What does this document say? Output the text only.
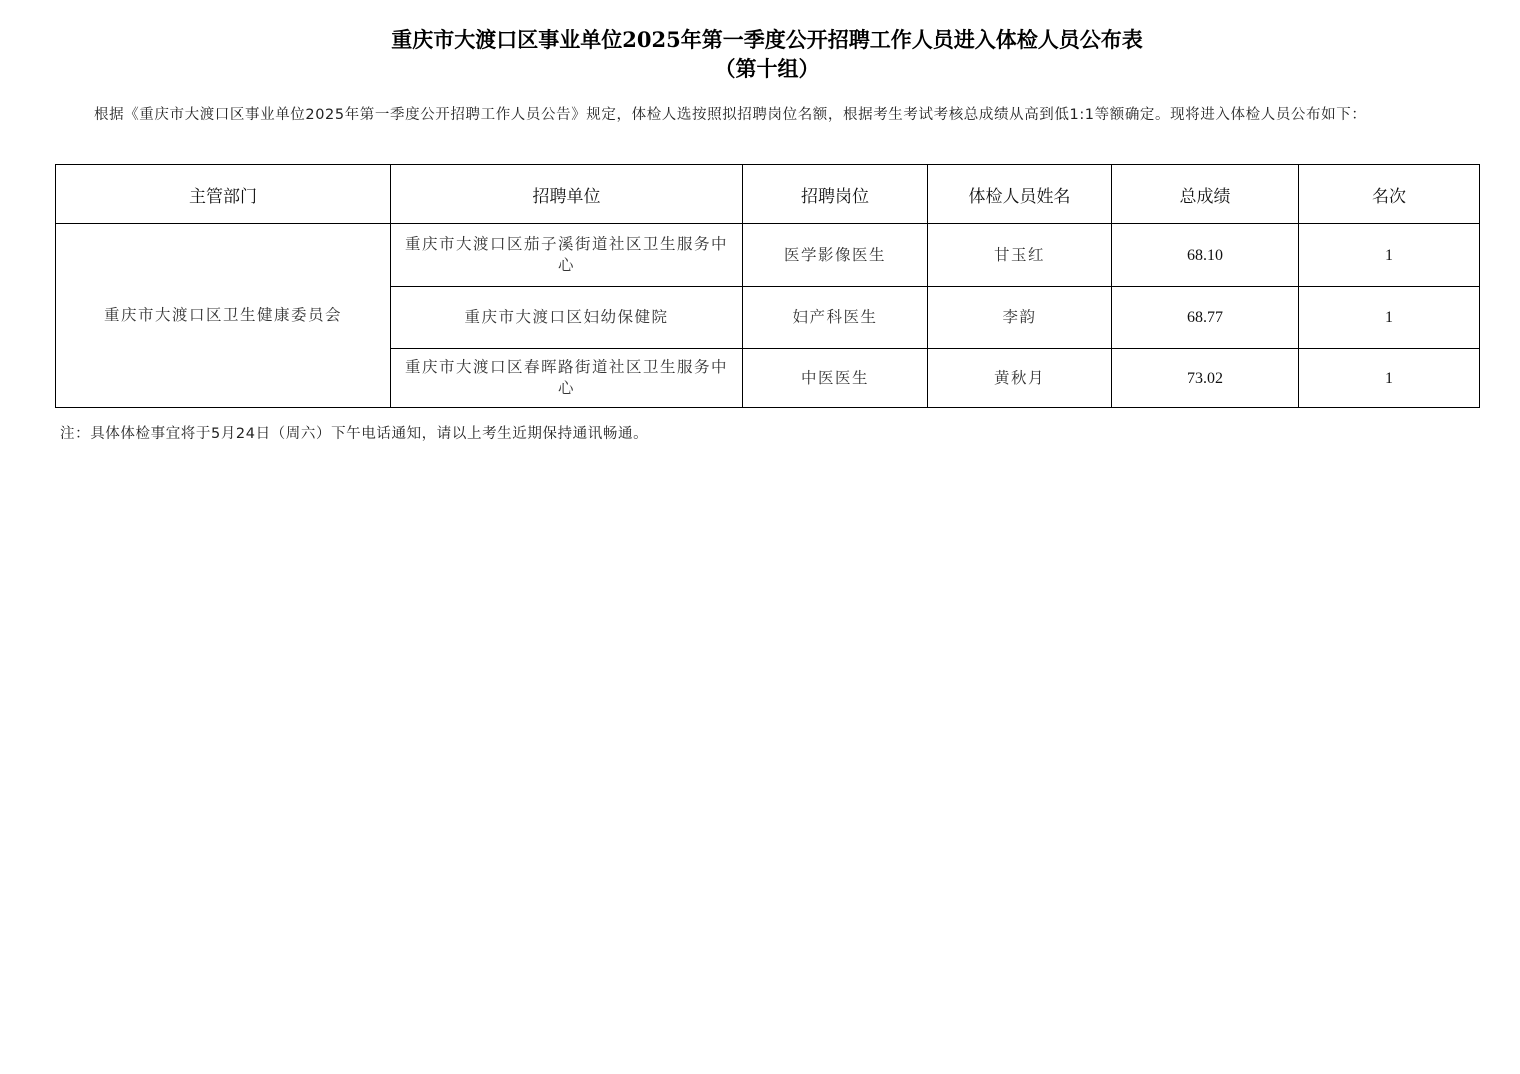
重庆市大渡口区事业单位2025年第一季度公开招聘工作人员进入体检人员公布表
（第十组）
根据《重庆市大渡口区事业单位2025年第一季度公开招聘工作人员公告》规定，体检人选按照拟招聘岗位名额，根据考生考试考核总成绩从高到低1:1等额确定。现将进入体检人员公布如下：
主管部门	招聘单位	招聘岗位	体检人员姓名	总成绩	名次
重庆市大渡口区卫生健康委员会	重庆市大渡口区茄子溪街道社区卫生服务中心	医学影像医生	甘玉红	68.10	1
	重庆市大渡口区妇幼保健院	妇产科医生	李韵	68.77	1
	重庆市大渡口区春晖路街道社区卫生服务中心	中医医生	黄秋月	73.02	1
注：具体体检事宜将于5月24日（周六）下午电话通知，请以上考生近期保持通讯畅通。
